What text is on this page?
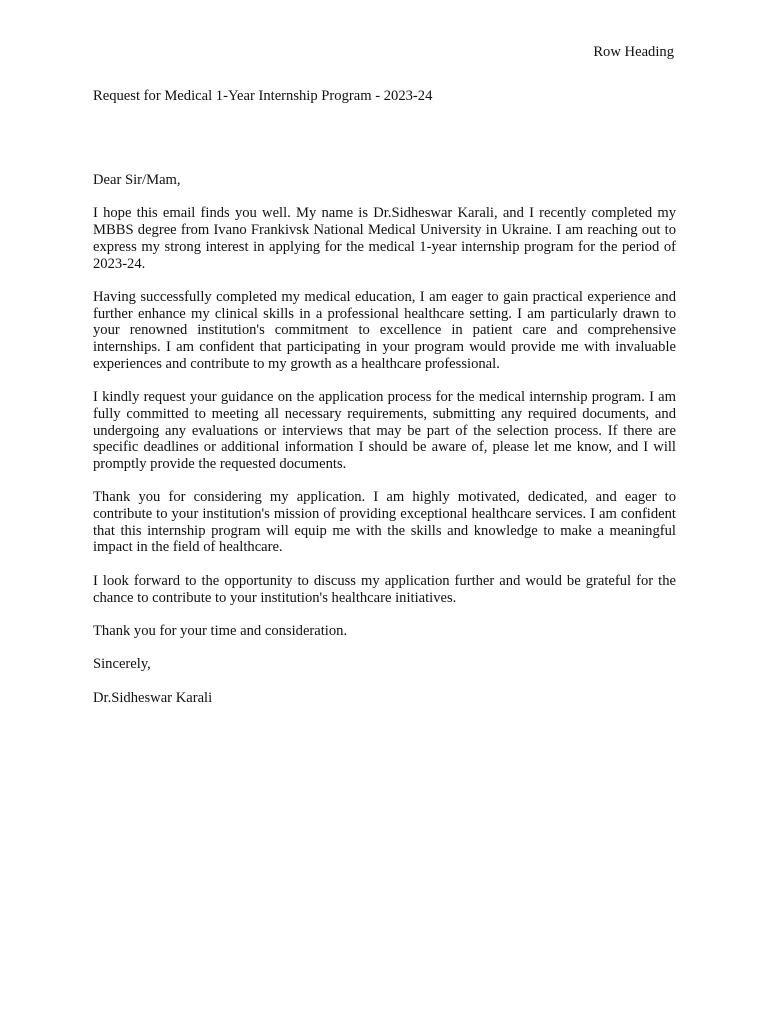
Row Heading
Request for Medical 1-Year Internship Program - 2023-24

Dear Sir/Mam,

I hope this email finds you well. My name is Dr.Sidheswar Karali, and I recently completed my MBBS degree from Ivano Frankivsk National Medical University in Ukraine. I am reaching out to express my strong interest in applying for the medical 1-year internship program for the period of 2023-24.

Having successfully completed my medical education, I am eager to gain practical experience and further enhance my clinical skills in a professional healthcare setting. I am particularly drawn to your renowned institution's commitment to excellence in patient care and comprehensive internships. I am confident that participating in your program would provide me with invaluable experiences and contribute to my growth as a healthcare professional.

I kindly request your guidance on the application process for the medical internship program. I am fully committed to meeting all necessary requirements, submitting any required documents, and undergoing any evaluations or interviews that may be part of the selection process. If there are specific deadlines or additional information I should be aware of, please let me know, and I will promptly provide the requested documents.

Thank you for considering my application. I am highly motivated, dedicated, and eager to contribute to your institution's mission of providing exceptional healthcare services. I am confident that this internship program will equip me with the skills and knowledge to make a meaningful impact in the field of healthcare.

I look forward to the opportunity to discuss my application further and would be grateful for the chance to contribute to your institution's healthcare initiatives.

Thank you for your time and consideration.

Sincerely,

Dr.Sidheswar Karali
